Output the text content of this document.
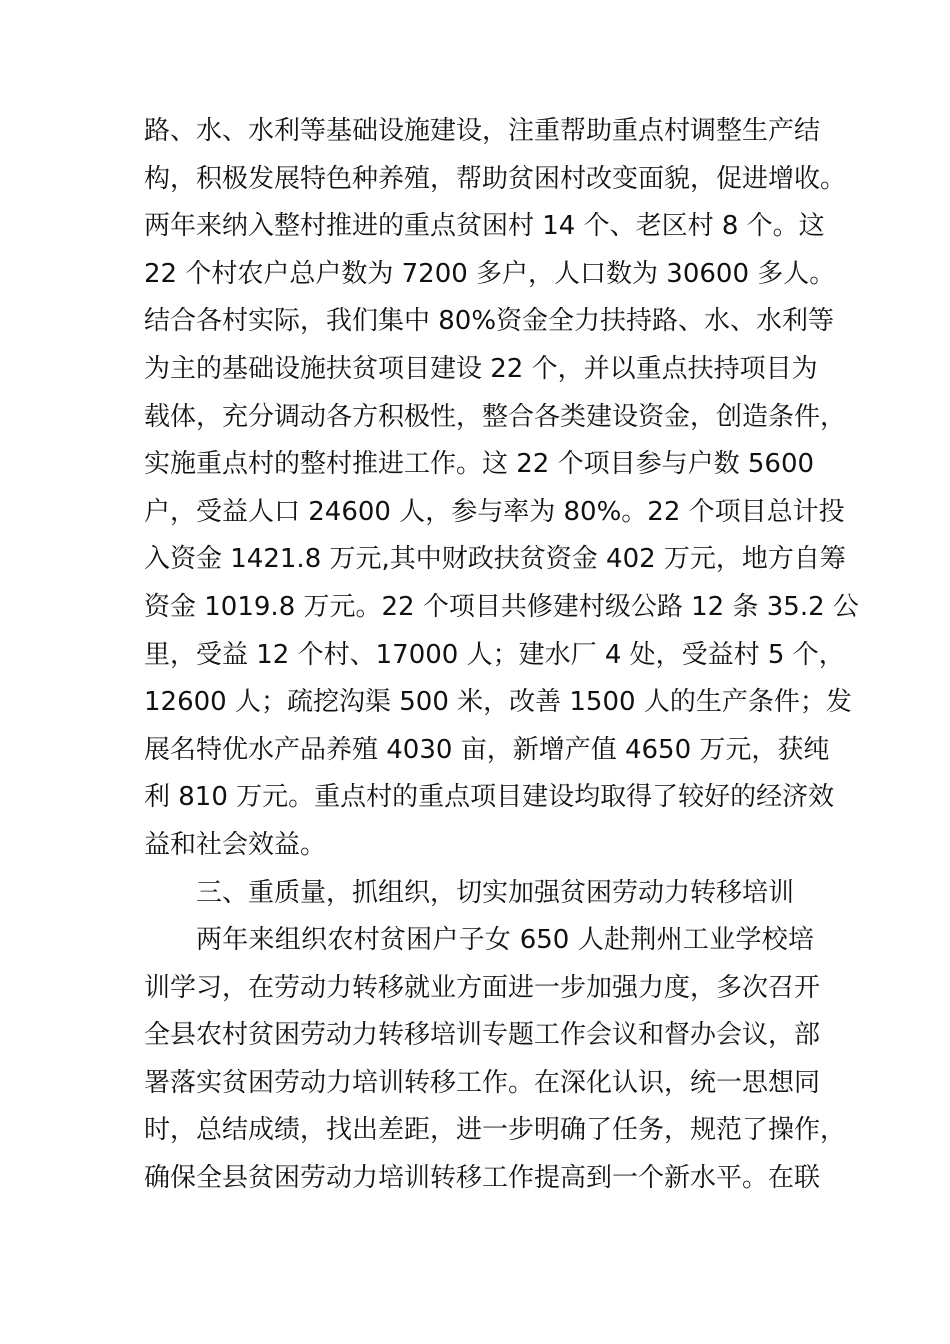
路、水、水利等基础设施建设，注重帮助重点村调整生产结
构，积极发展特色种养殖，帮助贫困村改变面貌，促进增收。
两年来纳入整村推进的重点贫困村 14 个、老区村 8 个。这
22 个村农户总户数为 7200 多户，人口数为 30600 多人。
结合各村实际，我们集中 80%资金全力扶持路、水、水利等
为主的基础设施扶贫项目建设 22 个，并以重点扶持项目为
载体，充分调动各方积极性，整合各类建设资金，创造条件，
实施重点村的整村推进工作。这 22 个项目参与户数 5600
户，受益人口 24600 人，参与率为 80%。22 个项目总计投
入资金 1421.8 万元,其中财政扶贫资金 402 万元，地方自筹
资金 1019.8 万元。22 个项目共修建村级公路 12 条 35.2 公
里，受益 12 个村、17000 人；建水厂 4 处，受益村 5 个，
12600 人；疏挖沟渠 500 米，改善 1500 人的生产条件；发
展名特优水产品养殖 4030 亩，新增产值 4650 万元，获纯
利 810 万元。重点村的重点项目建设均取得了较好的经济效
益和社会效益。
三、重质量，抓组织，切实加强贫困劳动力转移培训
两年来组织农村贫困户子女 650 人赴荆州工业学校培
训学习，在劳动力转移就业方面进一步加强力度，多次召开
全县农村贫困劳动力转移培训专题工作会议和督办会议，部
署落实贫困劳动力培训转移工作。在深化认识，统一思想同
时，总结成绩，找出差距，进一步明确了任务，规范了操作，
确保全县贫困劳动力培训转移工作提高到一个新水平。在联
